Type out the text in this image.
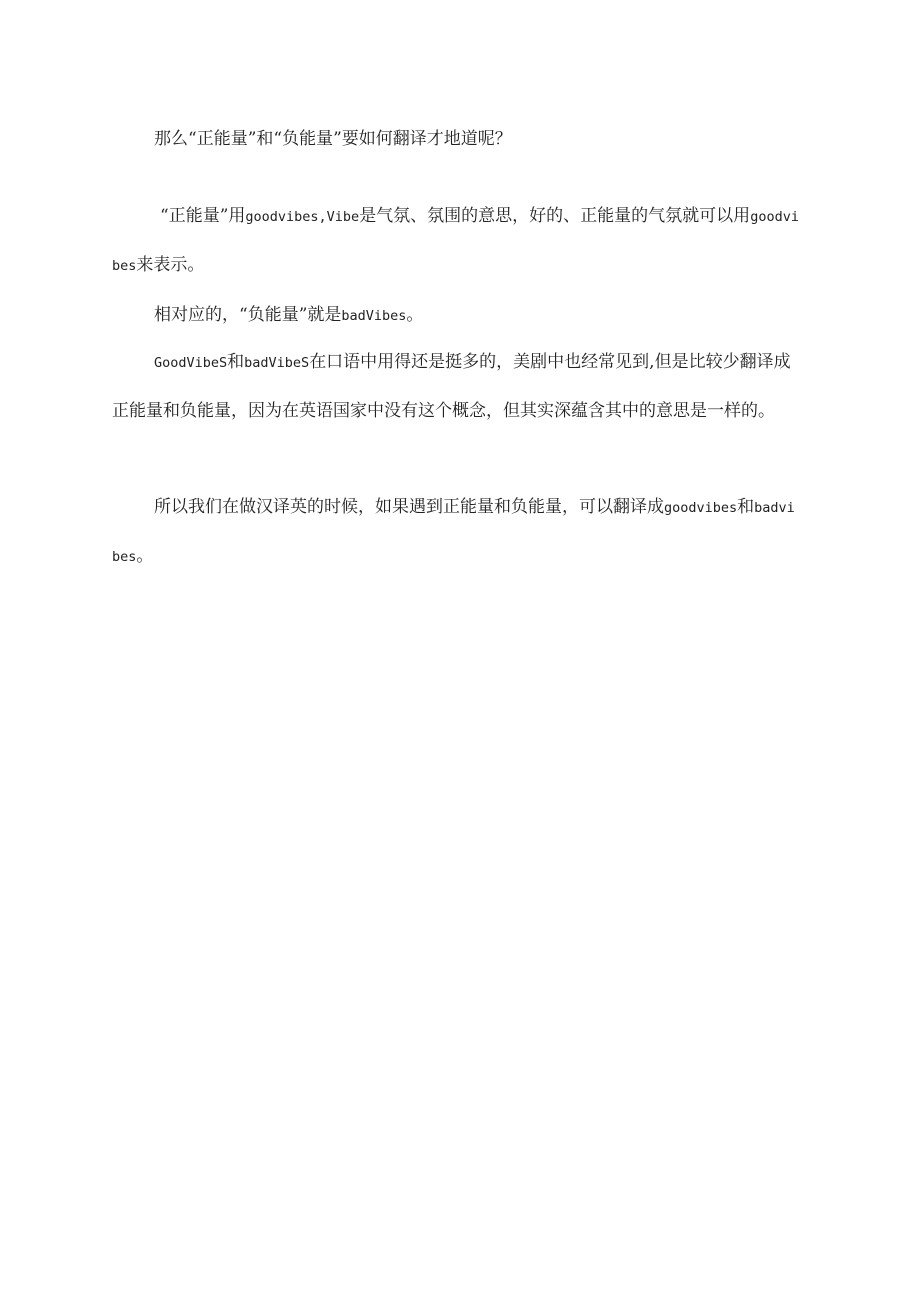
那么“正能量”和“负能量”要如何翻译才地道呢？

“正能量”用goodvibes,Vibe是气氛、氛围的意思，好的、正能量的气氛就可以用goodvibes来表示。

相对应的，“负能量”就是badVibes。

GoodVibeS和badVibeS在口语中用得还是挺多的，美剧中也经常见到,但是比较少翻译成正能量和负能量，因为在英语国家中没有这个概念，但其实深蕴含其中的意思是一样的。

所以我们在做汉译英的时候，如果遇到正能量和负能量，可以翻译成goodvibes和badvibes。
